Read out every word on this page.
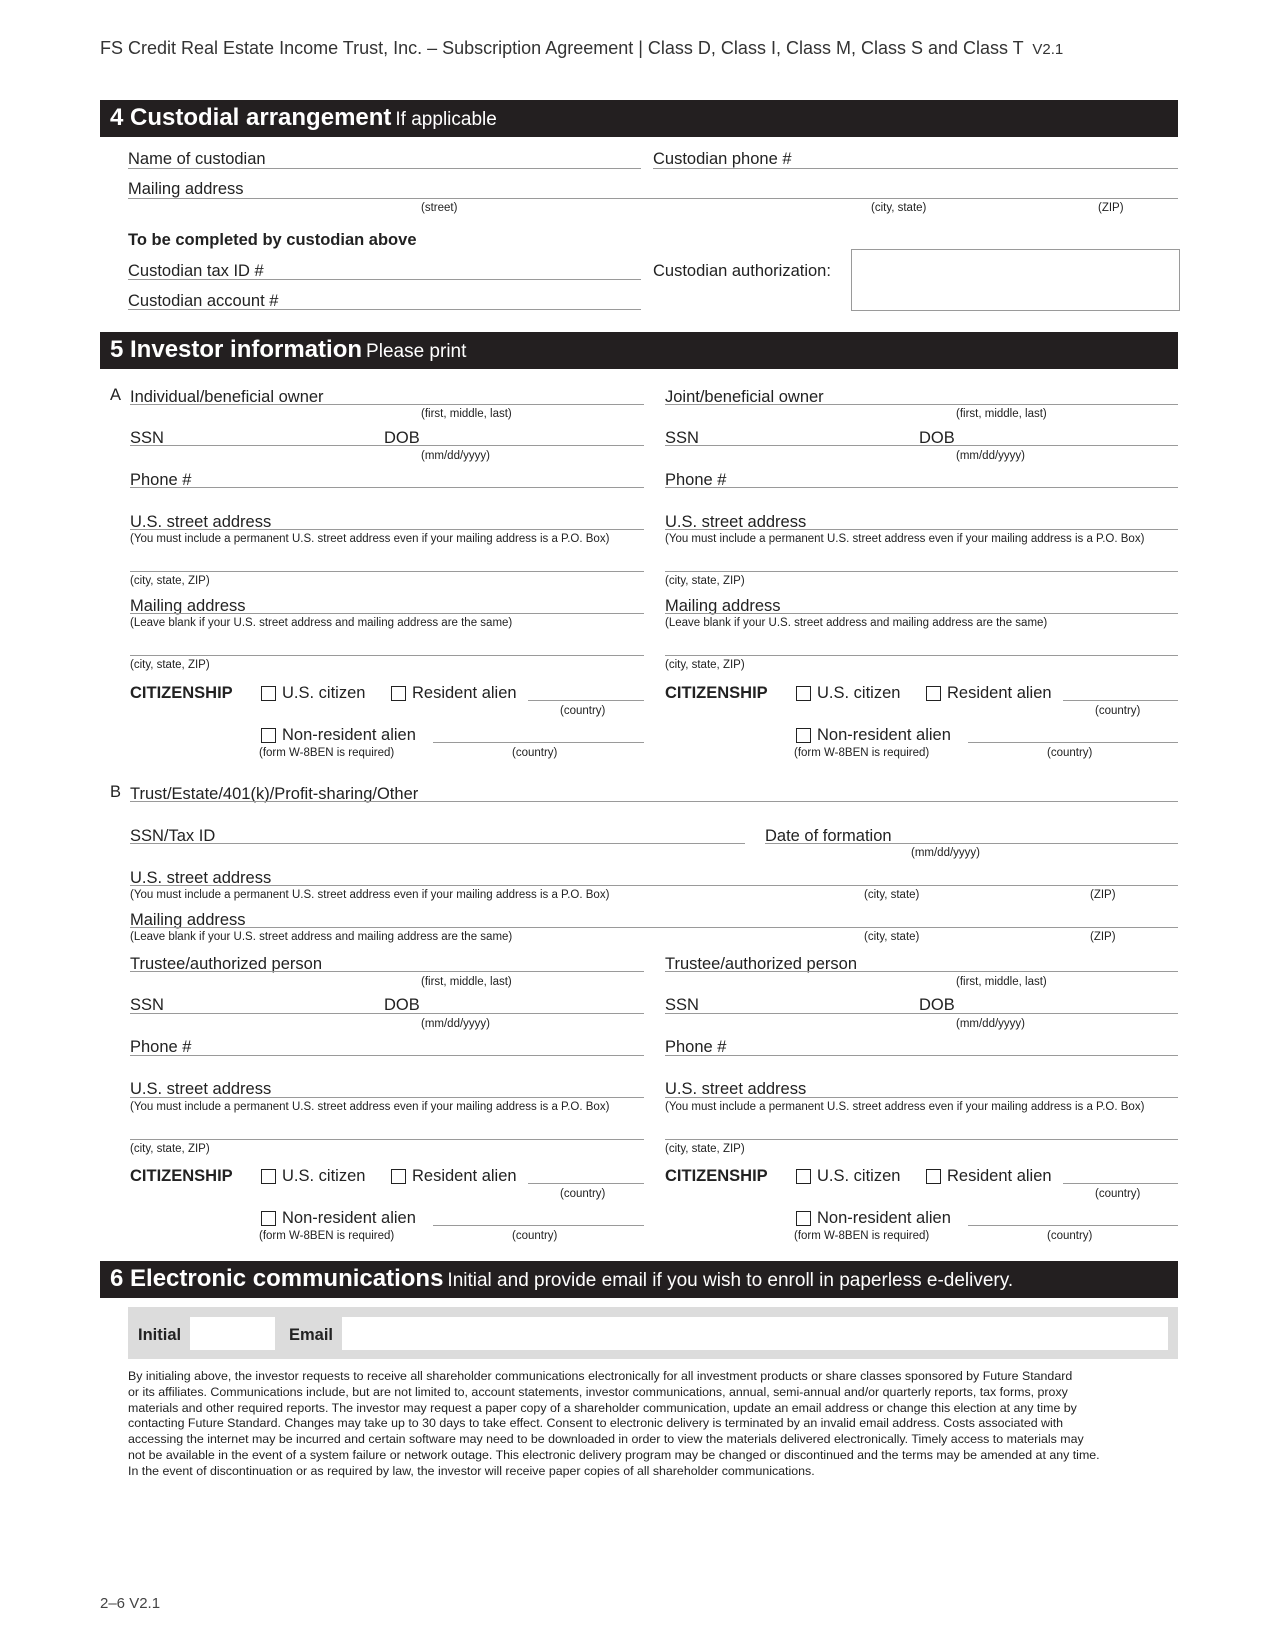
FS Credit Real Estate Income Trust, Inc. – Subscription Agreement | Class D, Class I, Class M, Class S and Class T V2.1
4 Custodial arrangement If applicable
Name of custodian	Custodian phone #
Mailing address
(street)	(city, state)	(ZIP)
To be completed by custodian above
Custodian tax ID #
Custodian account #
Custodian authorization:
5 Investor information Please print
A Individual/beneficial owner
(first, middle, last)
SSN	DOB
(mm/dd/yyyy)
Phone #
U.S. street address
(You must include a permanent U.S. street address even if your mailing address is a P.O. Box)
(city, state, ZIP)
Mailing address
(Leave blank if your U.S. street address and mailing address are the same)
(city, state, ZIP)
CITIZENSHIP	U.S. citizen	Resident alien
(country)
Non-resident alien
(form W-8BEN is required)	(country)
Joint/beneficial owner
(first, middle, last)
SSN	DOB
(mm/dd/yyyy)
Phone #
U.S. street address
(You must include a permanent U.S. street address even if your mailing address is a P.O. Box)
(city, state, ZIP)
Mailing address
(Leave blank if your U.S. street address and mailing address are the same)
(city, state, ZIP)
CITIZENSHIP	U.S. citizen	Resident alien
(country)
Non-resident alien
(form W-8BEN is required)	(country)
B Trust/Estate/401(k)/Profit-sharing/Other
SSN/Tax ID	Date of formation
(mm/dd/yyyy)
U.S. street address
(You must include a permanent U.S. street address even if your mailing address is a P.O. Box)	(city, state)	(ZIP)
Mailing address
(Leave blank if your U.S. street address and mailing address are the same)	(city, state)	(ZIP)
Trustee/authorized person
(first, middle, last)
SSN	DOB
(mm/dd/yyyy)
Phone #
U.S. street address
(You must include a permanent U.S. street address even if your mailing address is a P.O. Box)
(city, state, ZIP)
CITIZENSHIP	U.S. citizen	Resident alien
(country)
Non-resident alien
(form W-8BEN is required)	(country)
Trustee/authorized person
(first, middle, last)
SSN	DOB
(mm/dd/yyyy)
Phone #
U.S. street address
(You must include a permanent U.S. street address even if your mailing address is a P.O. Box)
(city, state, ZIP)
CITIZENSHIP	U.S. citizen	Resident alien
(country)
Non-resident alien
(form W-8BEN is required)	(country)
6 Electronic communications Initial and provide email if you wish to enroll in paperless e-delivery.
Initial	Email
By initialing above, the investor requests to receive all shareholder communications electronically for all investment products or share classes sponsored by Future Standard
or its affiliates. Communications include, but are not limited to, account statements, investor communications, annual, semi-annual and/or quarterly reports, tax forms, proxy
materials and other required reports. The investor may request a paper copy of a shareholder communication, update an email address or change this election at any time by
contacting Future Standard. Changes may take up to 30 days to take effect. Consent to electronic delivery is terminated by an invalid email address. Costs associated with
accessing the internet may be incurred and certain software may need to be downloaded in order to view the materials delivered electronically. Timely access to materials may
not be available in the event of a system failure or network outage. This electronic delivery program may be changed or discontinued and the terms may be amended at any time.
In the event of discontinuation or as required by law, the investor will receive paper copies of all shareholder communications.
2–6 V2.1
